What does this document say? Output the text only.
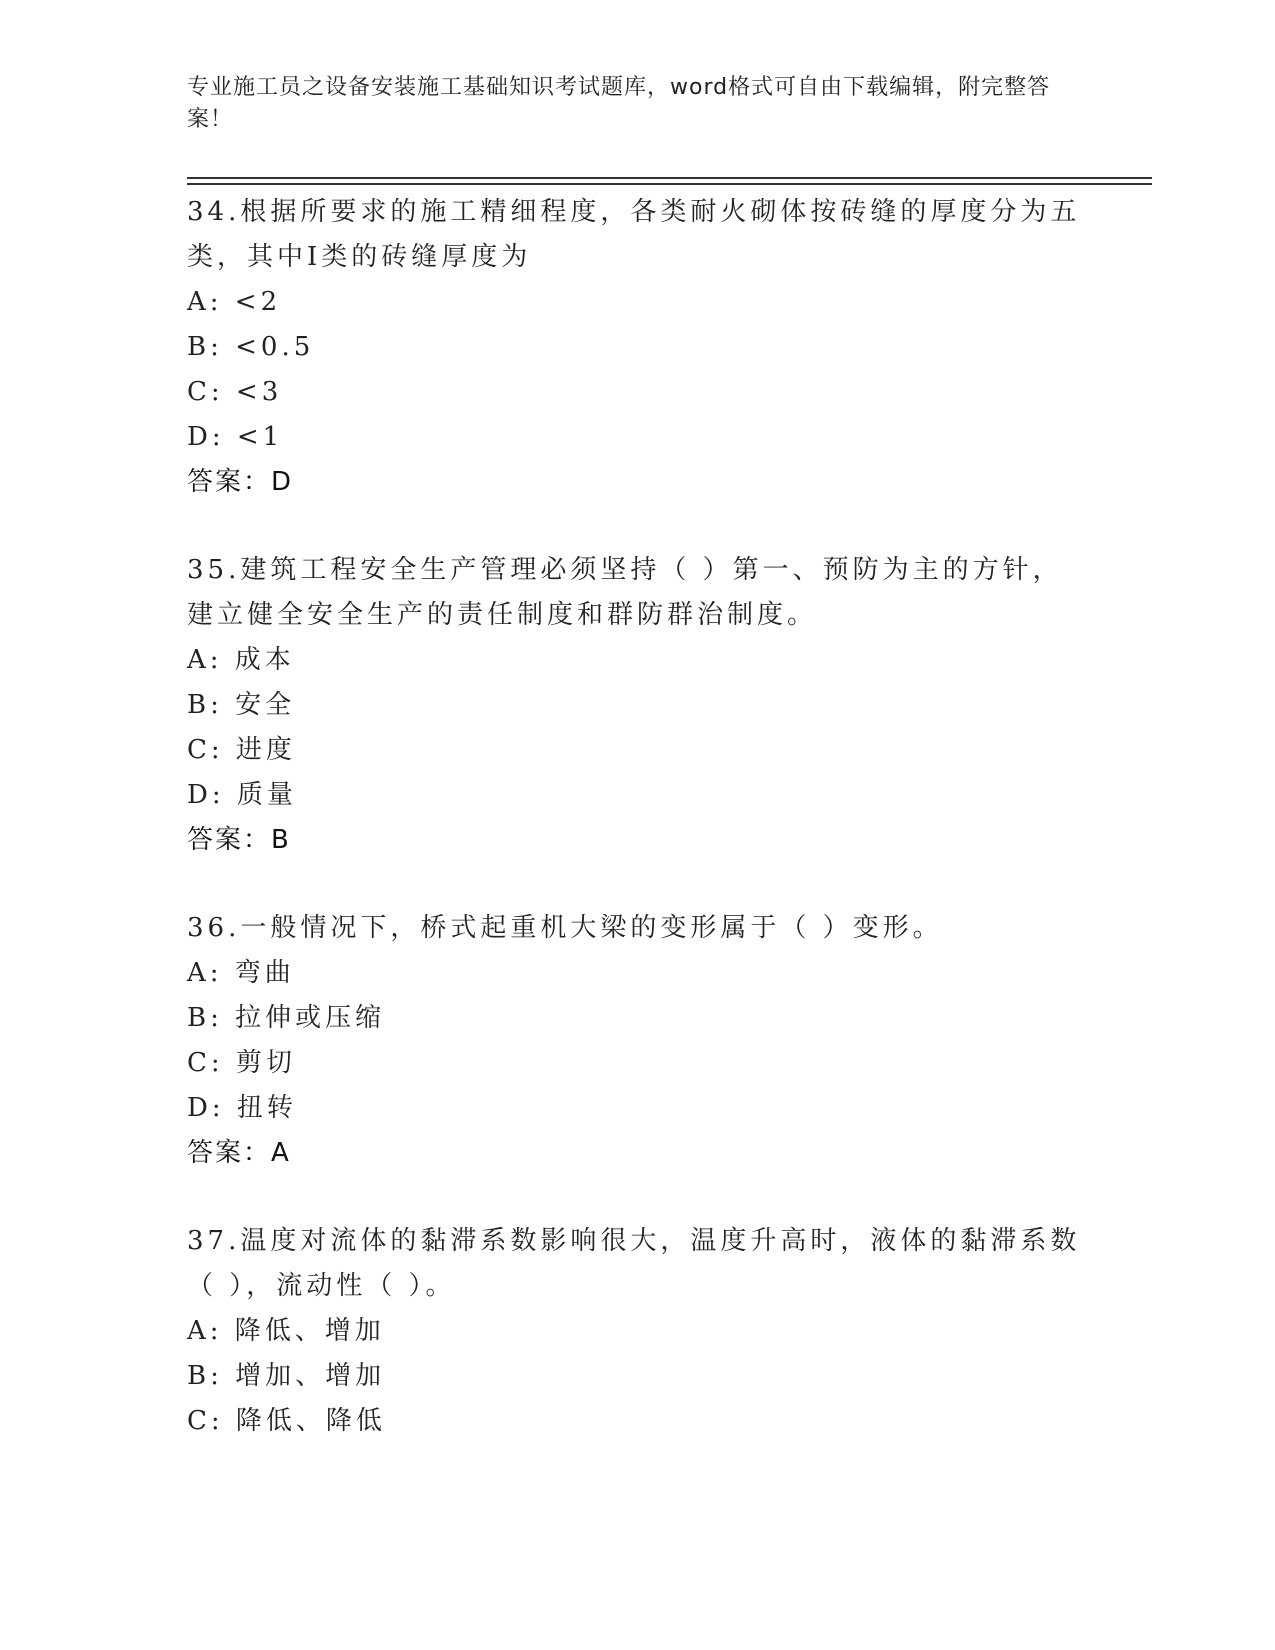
专业施工员之设备安装施工基础知识考试题库，word格式可自由下载编辑，附完整答案！

34.根据所要求的施工精细程度，各类耐火砌体按砖缝的厚度分为五类，其中Ⅰ类的砖缝厚度为

A: <2

B: <0.5

C: <3

D: <1

答案：D

35.建筑工程安全生产管理必须坚持（ ）第一、预防为主的方针，建立健全安全生产的责任制度和群防群治制度。

A: 成本

B: 安全

C: 进度

D: 质量

答案：B

36.一般情况下，桥式起重机大梁的变形属于（ ）变形。

A: 弯曲

B: 拉伸或压缩

C: 剪切

D: 扭转

答案：A

37.温度对流体的黏滞系数影响很大，温度升高时，液体的黏滞系数（ ），流动性（ ）。

A: 降低、增加

B: 增加、增加

C: 降低、降低
